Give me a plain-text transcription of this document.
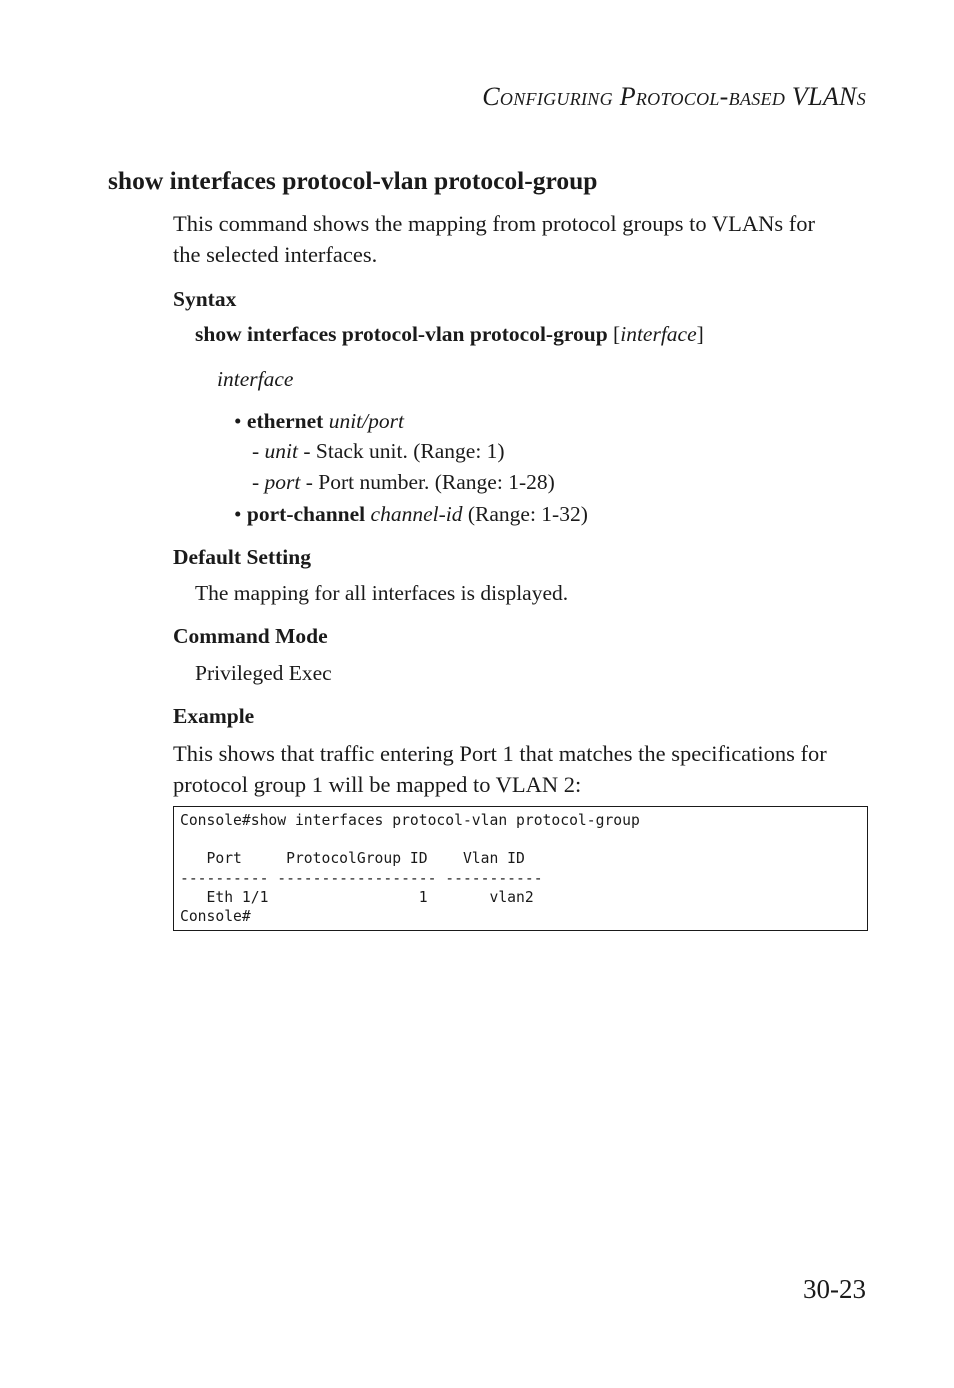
Configuring Protocol-based VLANs
show interfaces protocol-vlan protocol-group
This command shows the mapping from protocol groups to VLANs for
the selected interfaces.
Syntax
show interfaces protocol-vlan protocol-group [interface]
interface
• ethernet unit/port
- unit - Stack unit. (Range: 1)
- port - Port number. (Range: 1-28)
• port-channel channel-id (Range: 1-32)
Default Setting
The mapping for all interfaces is displayed.
Command Mode
Privileged Exec
Example
This shows that traffic entering Port 1 that matches the specifications for
protocol group 1 will be mapped to VLAN 2:
Console#show interfaces protocol-vlan protocol-group

Port     ProtocolGroup ID    Vlan ID
---------- ------------------ -----------
Eth 1/1                 1       vlan2
Console#
30-23
